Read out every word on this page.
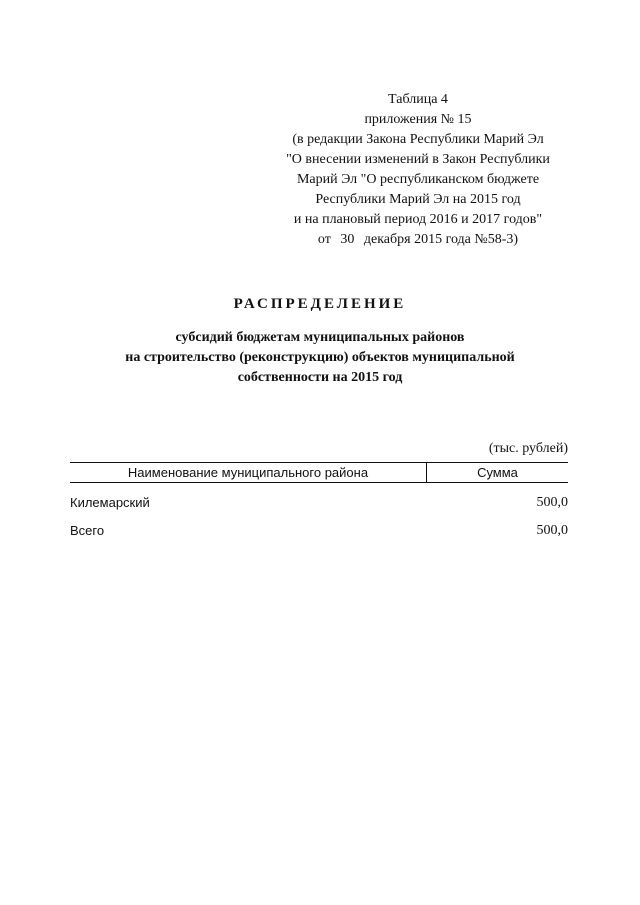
Таблица 4
приложения № 15
(в редакции Закона Республики Марий Эл
"О внесении изменений в Закон Республики
Марий Эл "О республиканском бюджете
Республики Марий Эл на 2015 год
и на плановый период 2016 и 2017 годов"
от 30 декабря 2015 года №58-3)
РАСПРЕДЕЛЕНИЕ
субсидий бюджетам муниципальных районов
на строительство (реконструкцию) объектов муниципальной
собственности на 2015 год
(тыс. рублей)
Наименование муниципального района	Сумма
Килемарский	500,0
Всего	500,0
